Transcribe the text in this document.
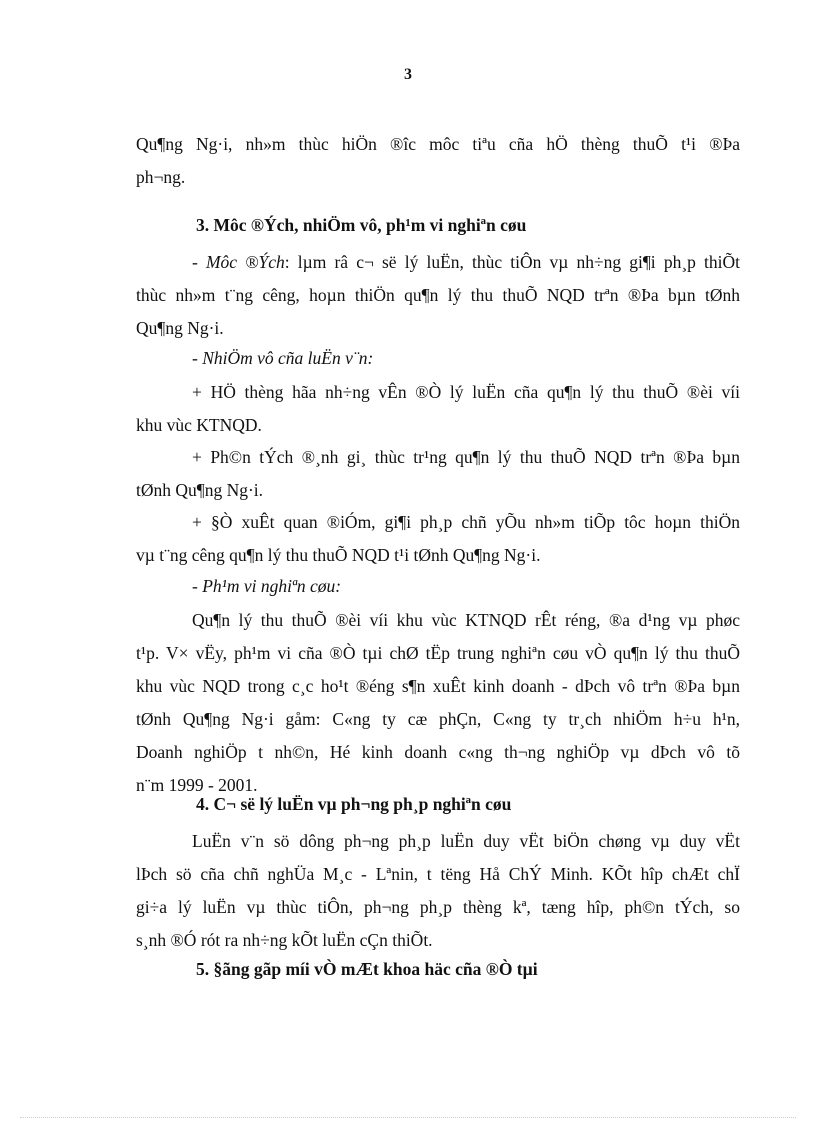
3
Qu¶ng Ng·i, nh»m thùc hiÖn ®îc môc tiªu cña hÖ thèng thuÕ t¹i ®Þa
ph¬ng.
3. Môc ®Ých, nhiÖm vô, ph¹m vi nghiªn cøu
- Môc ®Ých: lµm râ c¬ së lý luËn, thùc tiÔn vµ nh÷ng gi¶i ph¸p thiÕt
thùc nh»m t¨ng cêng, hoµn thiÖn qu¶n lý thu thuÕ NQD trªn ®Þa bµn tØnh
Qu¶ng Ng·i.
- NhiÖm vô cña luËn v¨n:
+ HÖ thèng hãa nh÷ng vÊn ®Ò lý luËn cña qu¶n lý thu thuÕ ®èi víi
khu vùc KTNQD.
+ Ph©n tÝch ®¸nh gi¸ thùc tr¹ng qu¶n lý thu thuÕ NQD trªn ®Þa bµn
tØnh Qu¶ng Ng·i.
+ §Ò xuÊt quan ®iÓm, gi¶i ph¸p chñ yÕu nh»m tiÕp tôc hoµn thiÖn
vµ t¨ng cêng qu¶n lý thu thuÕ NQD t¹i tØnh Qu¶ng Ng·i.
- Ph¹m vi nghiªn cøu:
Qu¶n lý thu thuÕ ®èi víi khu vùc KTNQD rÊt réng, ®a d¹ng vµ phøc
t¹p. V× vËy, ph¹m vi cña ®Ò tµi chØ tËp trung nghiªn cøu vÒ qu¶n lý thu thuÕ
khu vùc NQD trong c¸c ho¹t ®éng s¶n xuÊt kinh doanh - dÞch vô trªn ®Þa bµn
tØnh Qu¶ng Ng·i gåm: C«ng ty cæ phÇn, C«ng ty tr¸ch nhiÖm h÷u h¹n,
Doanh nghiÖp t nh©n, Hé kinh doanh c«ng th¬ng nghiÖp vµ dÞch vô tõ
n¨m 1999 - 2001.
4. C¬ së lý luËn vµ ph¬ng ph¸p nghiªn cøu
LuËn v¨n sö dông ph¬ng ph¸p luËn duy vËt biÖn chøng vµ duy vËt
lÞch sö cña chñ nghÜa M¸c - Lªnin, t tëng Hå ChÝ Minh. KÕt hîp chÆt chÏ
gi÷a lý luËn vµ thùc tiÔn, ph¬ng ph¸p thèng kª, tæng hîp, ph©n tÝch, so
s¸nh ®Ó rót ra nh÷ng kÕt luËn cÇn thiÕt.
5. §ãng gãp míi vÒ mÆt khoa häc cña ®Ò tµi
